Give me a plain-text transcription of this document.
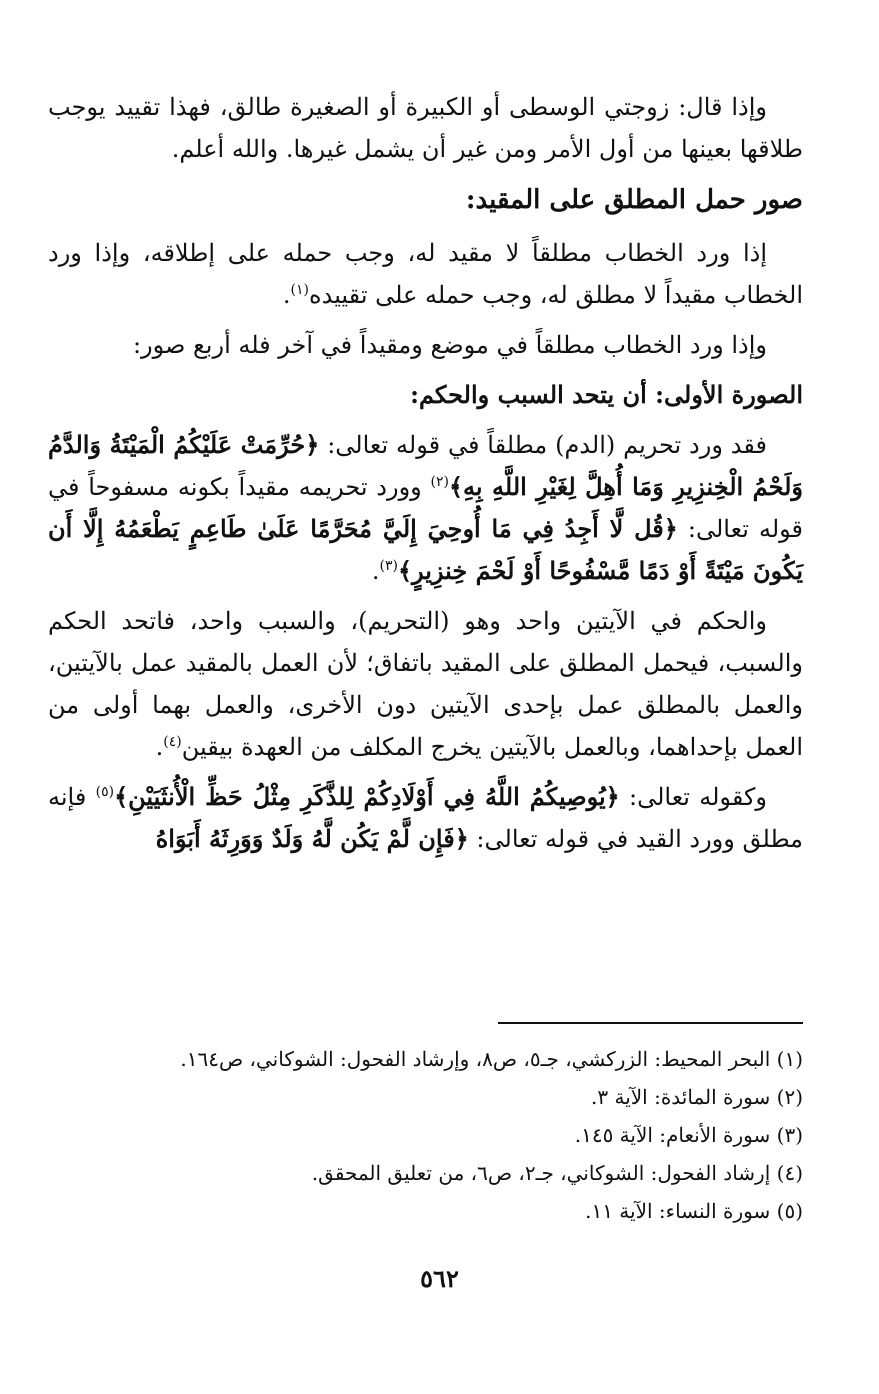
وإذا قال: زوجتي الوسطى أو الكبيرة أو الصغيرة طالق، فهذا تقييد يوجب طلاقها بعينها من أول الأمر ومن غير أن يشمل غيرها. والله أعلم.

صور حمل المطلق على المقيد:

إذا ورد الخطاب مطلقاً لا مقيد له، وجب حمله على إطلاقه، وإذا ورد الخطاب مقيداً لا مطلق له، وجب حمله على تقييده$^{(١)}$.

وإذا ورد الخطاب مطلقاً في موضع ومقيداً في آخر فله أربع صور:

الصورة الأولى: أن يتحد السبب والحكم:

فقد ورد تحريم (الدم) مطلقاً في قوله تعالى: ﴿حُرِّمَتْ عَلَيْكُمُ الْمَيْتَةُ وَالدَّمُ وَلَحْمُ الْخِنزِيرِ وَمَا أُهِلَّ لِغَيْرِ اللَّهِ بِهِ﴾$^{(٢)}$ وورد تحريمه مقيداً بكونه مسفوحاً في قوله تعالى: ﴿قُل لَّا أَجِدُ فِي مَا أُوحِيَ إِلَيَّ مُحَرَّمًا عَلَىٰ طَاعِمٍ يَطْعَمُهُ إِلَّا أَن يَكُونَ مَيْتَةً أَوْ دَمًا مَّسْفُوحًا أَوْ لَحْمَ خِنزِيرٍ﴾$^{(٣)}$.

والحكم في الآيتين واحد وهو (التحريم)، والسبب واحد، فاتحد الحكم والسبب، فيحمل المطلق على المقيد باتفاق؛ لأن العمل بالمقيد عمل بالآيتين، والعمل بالمطلق عمل بإحدى الآيتين دون الأخرى، والعمل بهما أولى من العمل بإحداهما، وبالعمل بالآيتين يخرج المكلف من العهدة بيقين$^{(٤)}$.

وكقوله تعالى: ﴿يُوصِيكُمُ اللَّهُ فِي أَوْلَادِكُمْ لِلذَّكَرِ مِثْلُ حَظِّ الْأُنثَيَيْنِ﴾$^{(٥)}$ فإنه مطلق وورد القيد في قوله تعالى: ﴿فَإِن لَّمْ يَكُن لَّهُ وَلَدٌ وَوَرِثَهُ أَبَوَاهُ

(١) البحر المحيط: الزركشي، جـ٥، ص٨، وإرشاد الفحول: الشوكاني، ص١٦٤.

(٢) سورة المائدة: الآية ٣.

(٣) سورة الأنعام: الآية ١٤٥.

(٤) إرشاد الفحول: الشوكاني، جـ٢، ص٦، من تعليق المحقق.

(٥) سورة النساء: الآية ١١.

٥٦٢
